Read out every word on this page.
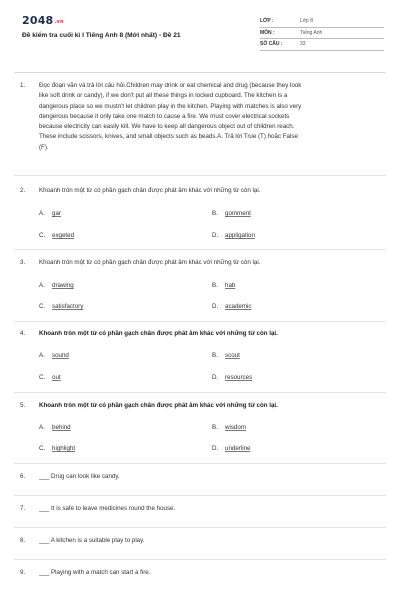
2048.vn
Đề kiểm tra cuối kì I Tiếng Anh 8 (Mới nhất) - Đề 21
LỚP :	Lớp 8
MÔN :	Tiếng Anh
SỐ CÂU :	33
1.	Đọc đoạn văn và trả lời câu hỏi.Children may drink or eat chemical and drug (because they look
like soft drink or candy), if we don't put all these things in locked cupboard. The kitchen is a
dangerous place so we mustn't let children play in the kitchen. Playing with matches is also very
dengerous because it only take one match to cause a fire. We must cover electrical sockets
because electricity can easily kill. We have to keep all dangerous object out of children reach.
These include scissors, knives, and small objects such as beads.A. Trả lời True (T) hoặc False
(F).
2.	Khoanh tròn một từ có phần gạch chân được phát âm khác với những từ còn lại.
A. gar	B. gomment
C. exgeted	D. appligation
3.	Khoanh tròn một từ có phần gạch chân được phát âm khác với những từ còn lại.
A. drawing	B. hab
C. satisfactory	D. academic
4.	Khoanh tròn một từ có phần gạch chân được phát âm khác với những từ còn lại.
A. sound	B. scout
C. out	D. resources
5.	Khoanh tròn một từ có phần gạch chân được phát âm khác với những từ còn lại.
A. behind	B. wisdom
C. highlight	D. underline
6.	___ Drug can look like candy.
7.	___ It is safe to leave medicines round the house.
8.	___ A kitchen is a suitable play to play.
9.	___ Playing with a match can start a fire.
